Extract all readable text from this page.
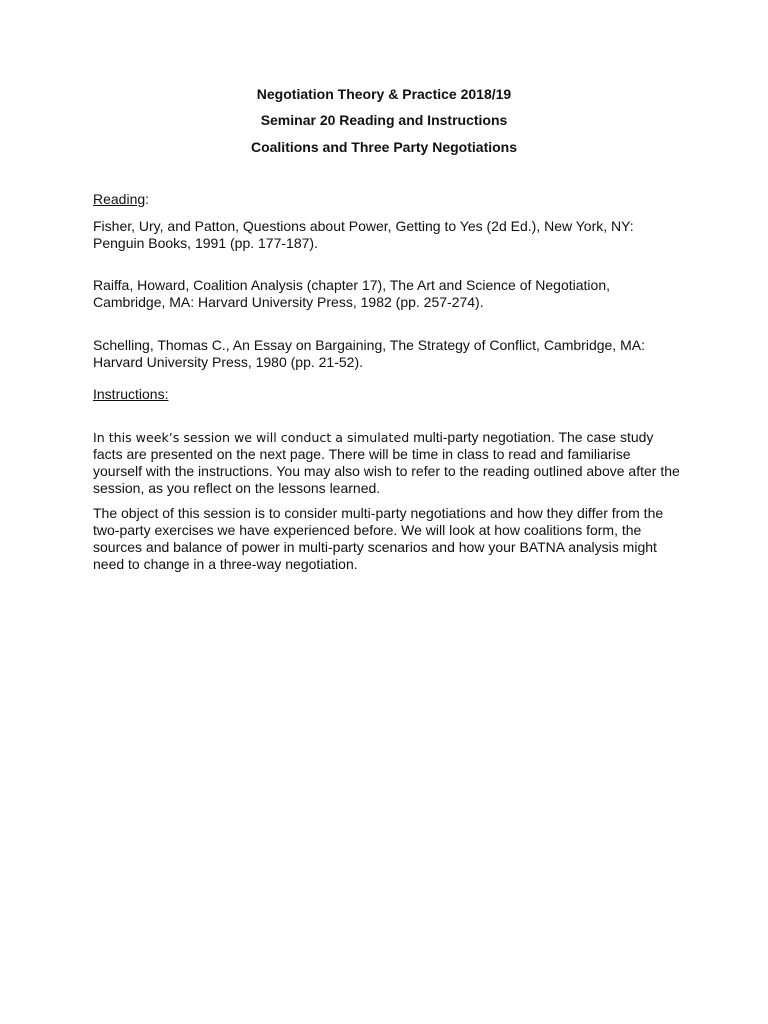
Negotiation Theory & Practice 2018/19
Seminar 20 Reading and Instructions
Coalitions and Three Party Negotiations
Reading:
Fisher, Ury, and Patton, Questions about Power, Getting to Yes (2d Ed.), New York, NY: Penguin Books, 1991 (pp. 177-187).
Raiffa, Howard, Coalition Analysis (chapter 17), The Art and Science of Negotiation, Cambridge, MA: Harvard University Press, 1982 (pp. 257-274).
Schelling, Thomas C., An Essay on Bargaining, The Strategy of Conflict, Cambridge, MA: Harvard University Press, 1980 (pp. 21-52).
Instructions:
In this week’s session we will conduct a simulated multi-party negotiation. The case study facts are presented on the next page. There will be time in class to read and familiarise yourself with the instructions. You may also wish to refer to the reading outlined above after the session, as you reflect on the lessons learned.
The object of this session is to consider multi-party negotiations and how they differ from the two-party exercises we have experienced before. We will look at how coalitions form, the sources and balance of power in multi-party scenarios and how your BATNA analysis might need to change in a three-way negotiation.
